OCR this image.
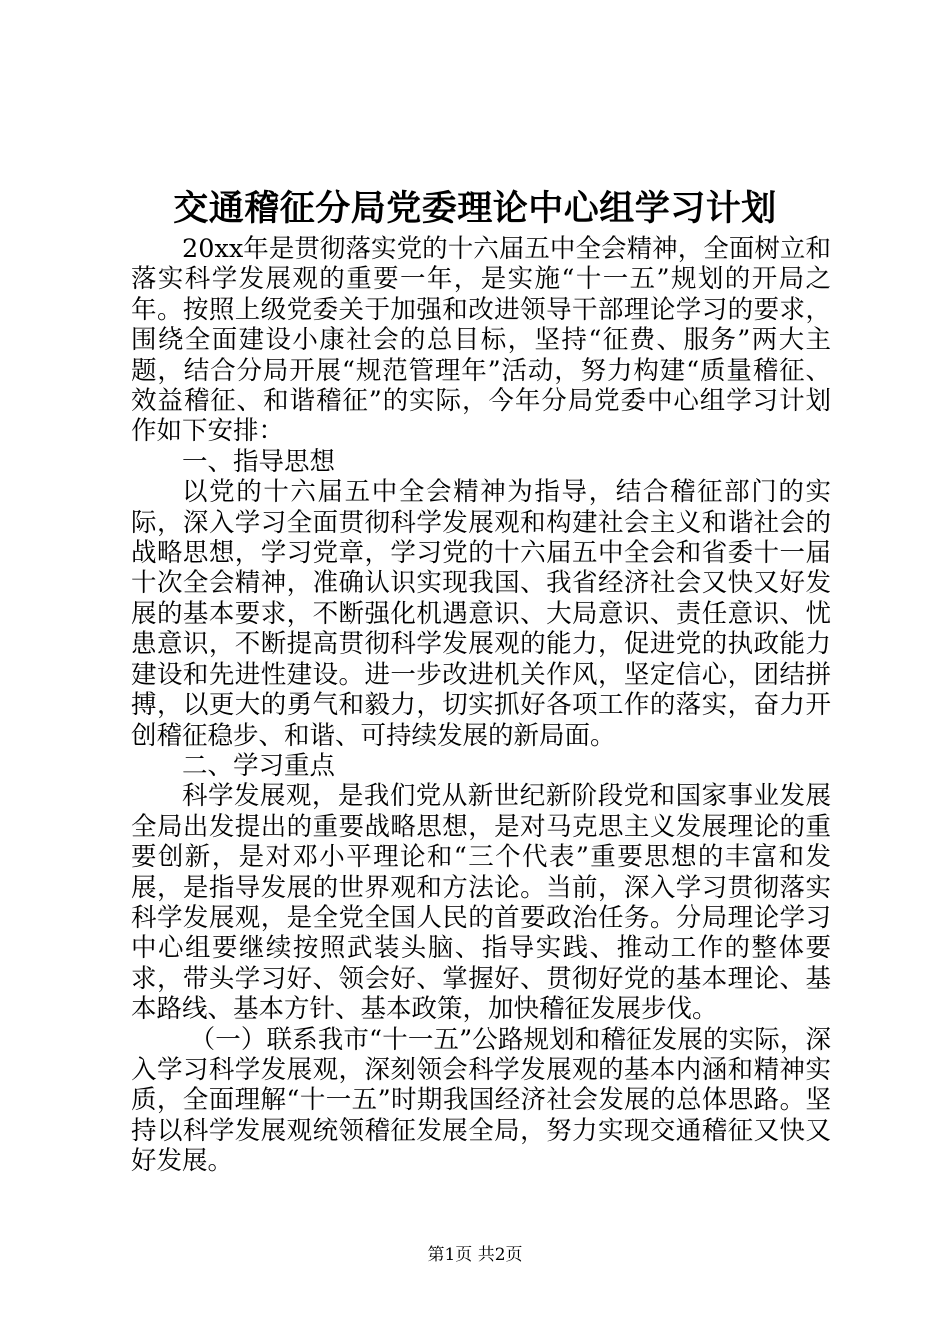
交通稽征分局党委理论中心组学习计划

20xx年是贯彻落实党的十六届五中全会精神，全面树立和落实科学发展观的重要一年，是实施“十一五”规划的开局之年。按照上级党委关于加强和改进领导干部理论学习的要求，围绕全面建设小康社会的总目标，坚持“征费、服务”两大主题，结合分局开展“规范管理年”活动，努力构建“质量稽征、效益稽征、和谐稽征”的实际，今年分局党委中心组学习计划作如下安排：

一、指导思想

以党的十六届五中全会精神为指导，结合稽征部门的实际，深入学习全面贯彻科学发展观和构建社会主义和谐社会的战略思想，学习党章，学习党的十六届五中全会和省委十一届十次全会精神，准确认识实现我国、我省经济社会又快又好发展的基本要求，不断强化机遇意识、大局意识、责任意识、忧患意识，不断提高贯彻科学发展观的能力，促进党的执政能力建设和先进性建设。进一步改进机关作风，坚定信心，团结拼搏，以更大的勇气和毅力，切实抓好各项工作的落实，奋力开创稽征稳步、和谐、可持续发展的新局面。

二、学习重点

科学发展观，是我们党从新世纪新阶段党和国家事业发展全局出发提出的重要战略思想，是对马克思主义发展理论的重要创新，是对邓小平理论和“三个代表”重要思想的丰富和发展，是指导发展的世界观和方法论。当前，深入学习贯彻落实科学发展观，是全党全国人民的首要政治任务。分局理论学习中心组要继续按照武装头脑、指导实践、推动工作的整体要求，带头学习好、领会好、掌握好、贯彻好党的基本理论、基本路线、基本方针、基本政策，加快稽征发展步伐。

（一）联系我市“十一五”公路规划和稽征发展的实际，深入学习科学发展观，深刻领会科学发展观的基本内涵和精神实质，全面理解“十一五”时期我国经济社会发展的总体思路。坚持以科学发展观统领稽征发展全局，努力实现交通稽征又快又好发展。

第1页 共2页
